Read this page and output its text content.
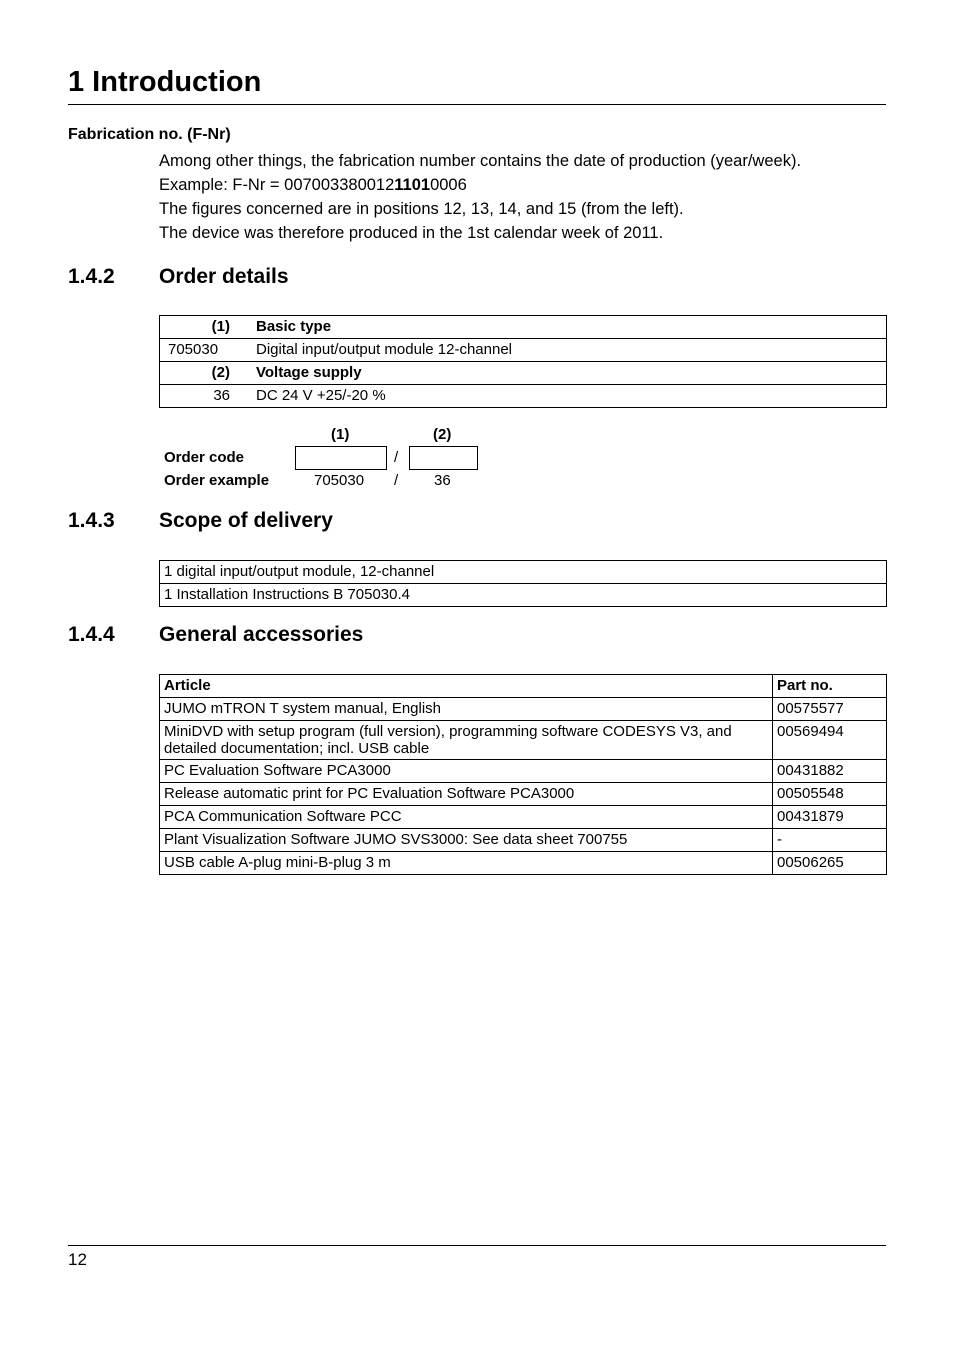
1 Introduction
Fabrication no. (F-Nr)
Among other things, the fabrication number contains the date of production (year/week).
Example: F-Nr = 00700338001211010006
The figures concerned are in positions 12, 13, 14, and 15 (from the left).
The device was therefore produced in the 1st calendar week of 2011.
1.4.2 Order details
(1)	Basic type
705030	Digital input/output module 12-channel
(2)	Voltage supply
36	DC 24 V +25/-20 %
(1)	(2)
Order code	/
Order example	705030 / 36
1.4.3 Scope of delivery
1 digital input/output module, 12-channel
1 Installation Instructions B 705030.4
1.4.4 General accessories
Article	Part no.
JUMO mTRON T system manual, English	00575577
MiniDVD with setup program (full version), programming software CODESYS V3, and detailed documentation; incl. USB cable	00569494
PC Evaluation Software PCA3000	00431882
Release automatic print for PC Evaluation Software PCA3000	00505548
PCA Communication Software PCC	00431879
Plant Visualization Software JUMO SVS3000: See data sheet 700755	-
USB cable A-plug mini-B-plug 3 m	00506265
12
